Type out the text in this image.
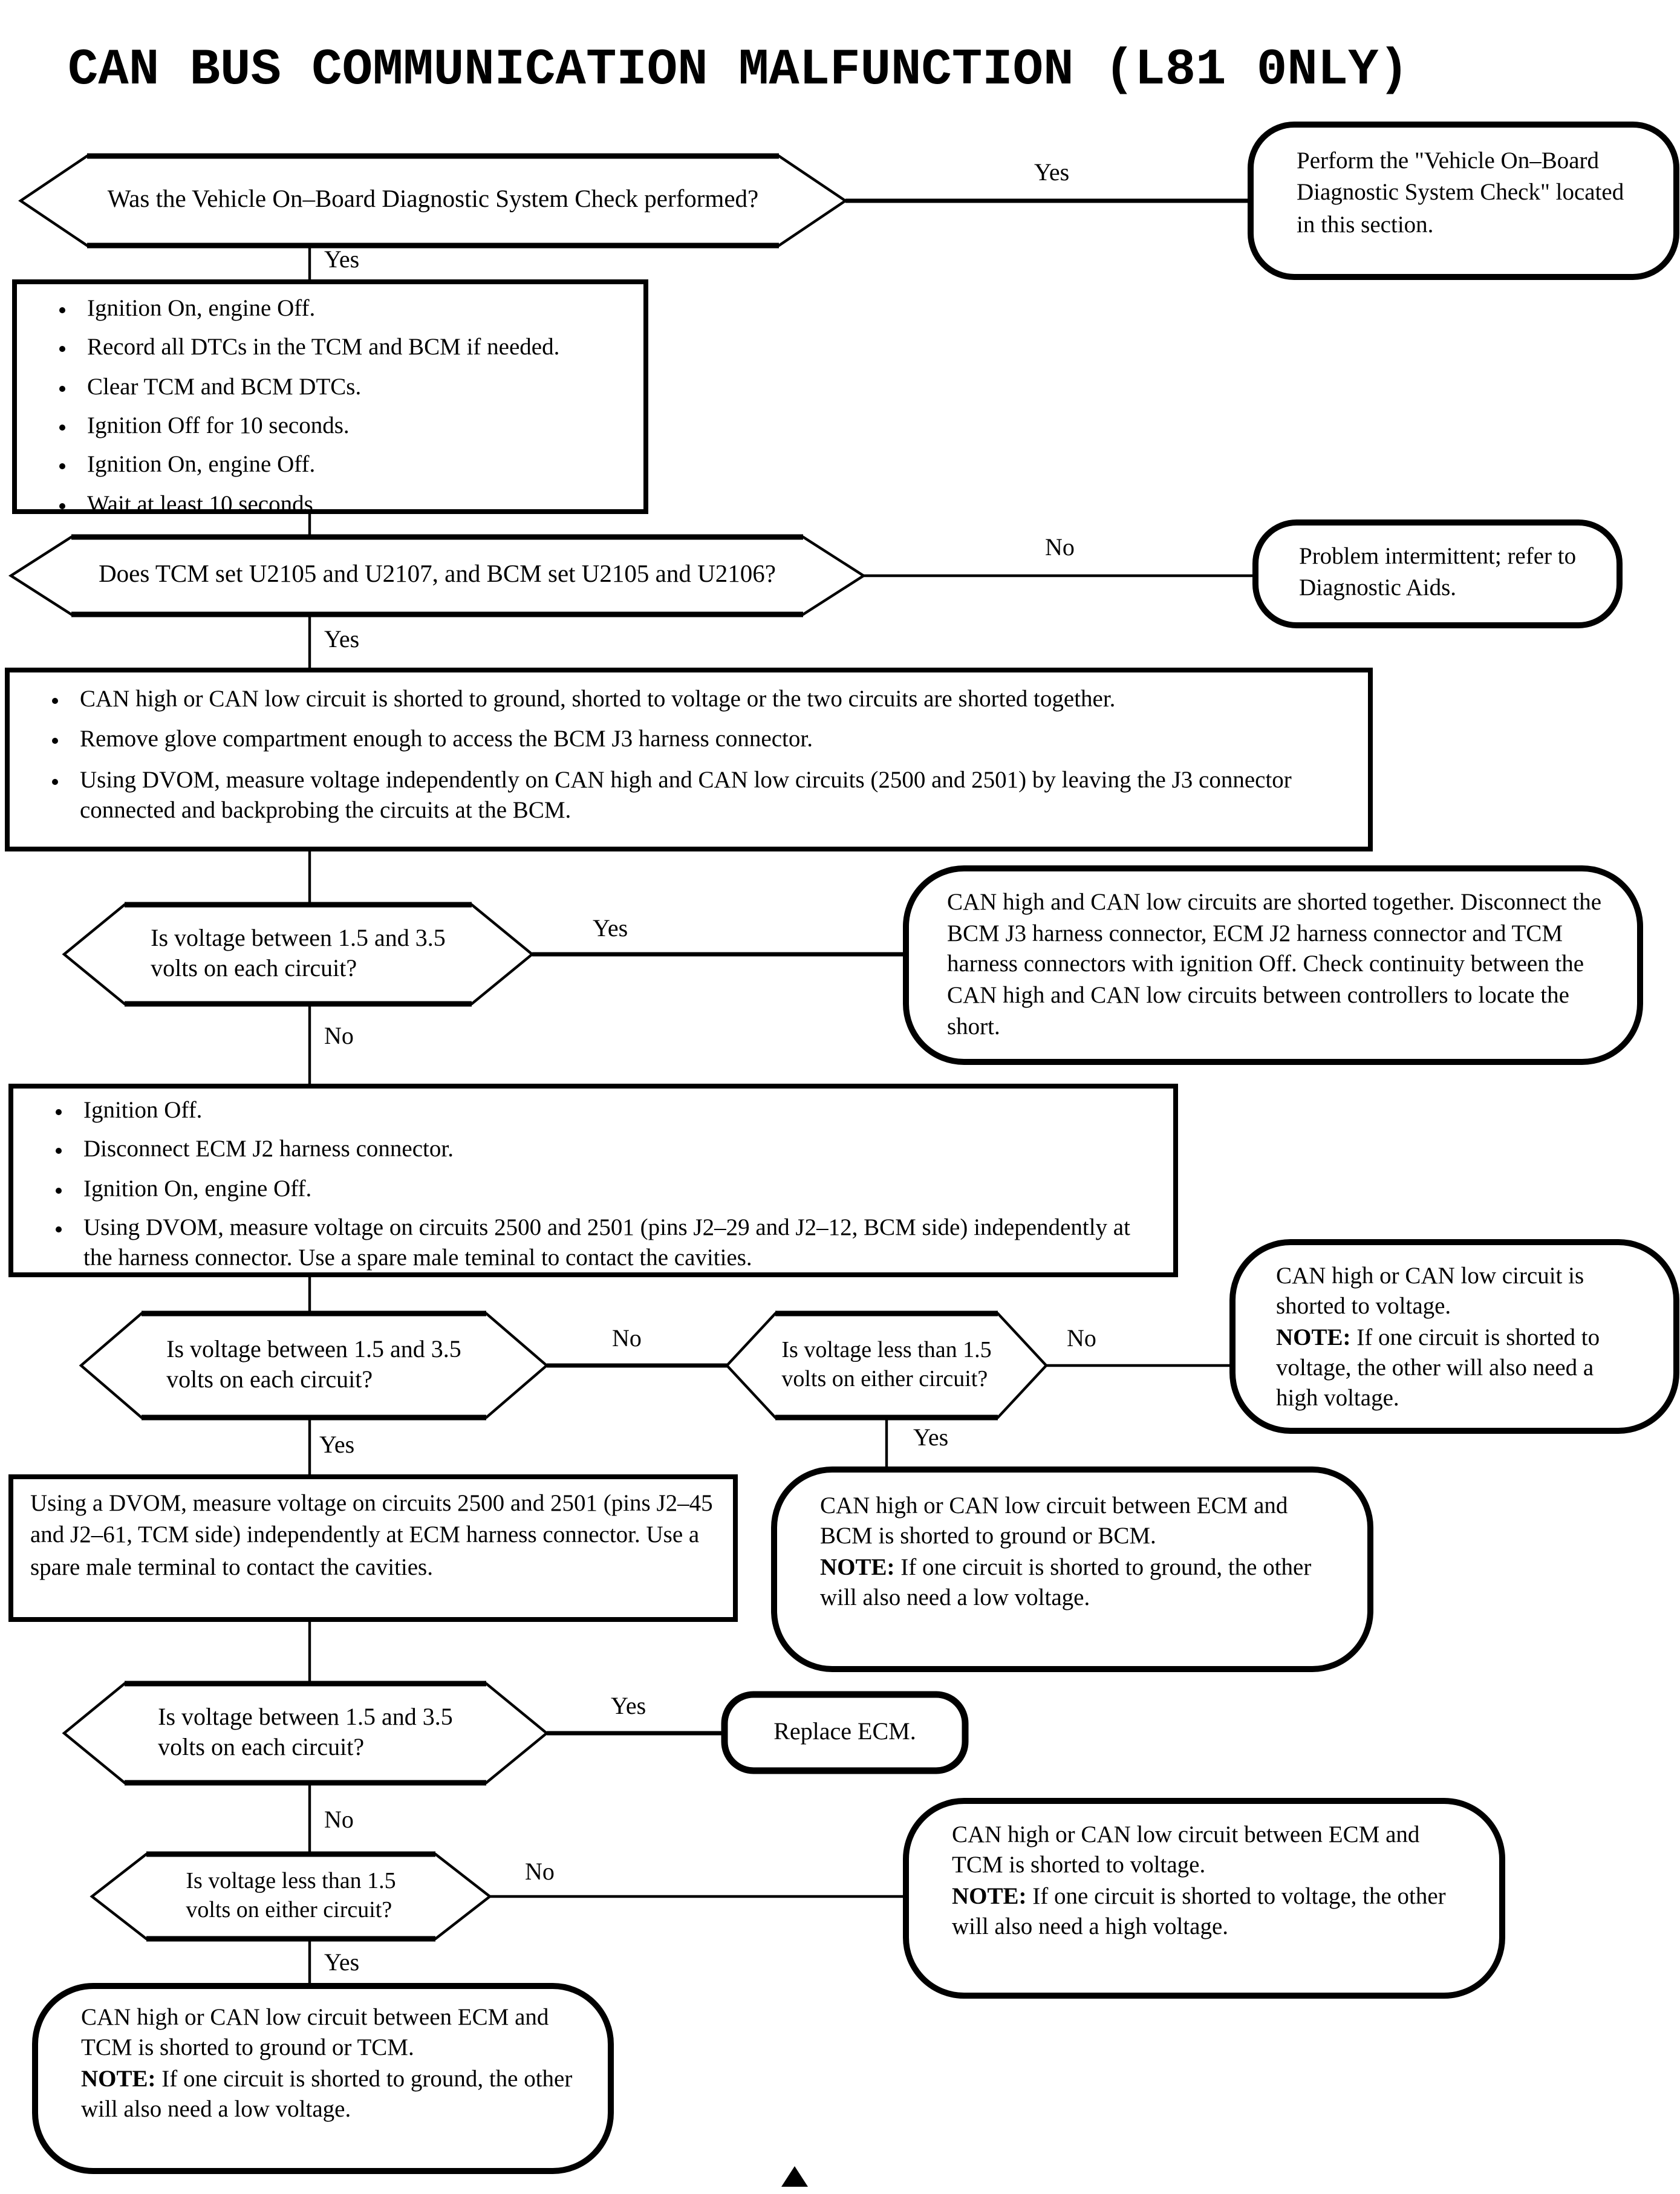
CAN BUS COMMUNICATION MALFUNCTION (L81 0NLY)
Was the Vehicle On–Board Diagnostic System Check performed?
Does TCM set U2105 and U2107, and BCM set U2105 and U2106?
Is voltage between 1.5 and 3.5
volts on each circuit?
Is voltage between 1.5 and 3.5
volts on each circuit?
Is voltage less than 1.5
volts on either circuit?
Is voltage between 1.5 and 3.5
volts on each circuit?
Is voltage less than 1.5
volts on either circuit?
• Ignition On, engine Off.
• Record all DTCs in the TCM and BCM if needed.
• Clear TCM and BCM DTCs.
• Ignition Off for 10 seconds.
• Ignition On, engine Off.
• Wait at least 10 seconds.
• CAN high or CAN low circuit is shorted to ground, shorted to voltage or the two circuits are shorted together.
• Remove glove compartment enough to access the BCM J3 harness connector.
• Using DVOM, measure voltage independently on CAN high and CAN low circuits (2500 and 2501) by leaving the J3 connector connected and backprobing the circuits at the BCM.
• Ignition Off.
• Disconnect ECM J2 harness connector.
• Ignition On, engine Off.
• Using DVOM, measure voltage on circuits 2500 and 2501 (pins J2–29 and J2–12, BCM side) independently at the harness connector. Use a spare male teminal to contact the cavities.
Using a DVOM, measure voltage on circuits 2500 and 2501 (pins J2–45 and J2–61, TCM side) independently at ECM harness connector. Use a spare male terminal to contact the cavities.
Perform the "Vehicle On–Board Diagnostic System Check" located in this section.
Problem intermittent; refer to Diagnostic Aids.
CAN high and CAN low circuits are shorted together. Disconnect the BCM J3 harness connector, ECM J2 harness connector and TCM harness connectors with ignition Off. Check continuity between the CAN high and CAN low circuits between controllers to locate the short.
CAN high or CAN low circuit is shorted to voltage.
NOTE: If one circuit is shorted to voltage, the other will also need a high voltage.
CAN high or CAN low circuit between ECM and BCM is shorted to ground or BCM.
NOTE: If one circuit is shorted to ground, the other will also need a low voltage.
Replace ECM.
CAN high or CAN low circuit between ECM and TCM is shorted to voltage.
NOTE: If one circuit is shorted to voltage, the other will also need a high voltage.
CAN high or CAN low circuit between ECM and TCM is shorted to ground or TCM.
NOTE: If one circuit is shorted to ground, the other will also need a low voltage.
Yes
Yes
No
Yes
Yes
No
No
Yes
No
Yes
Yes
No
No
Yes
